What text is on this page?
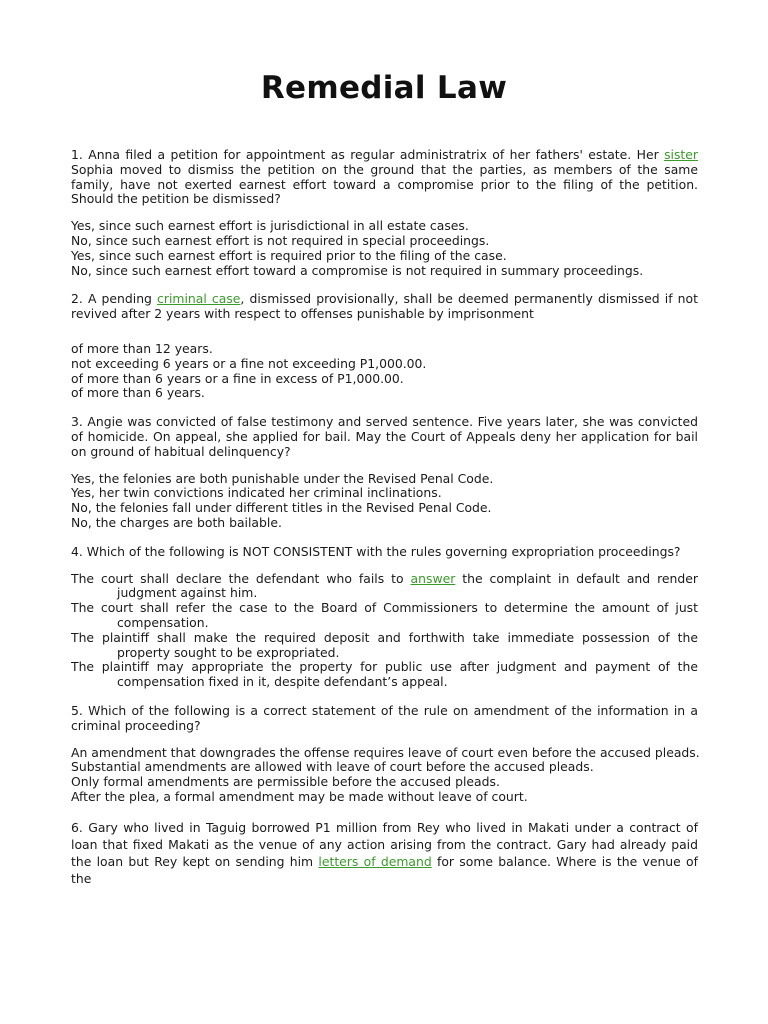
Remedial Law

1. Anna filed a petition for appointment as regular administratrix of her fathers' estate. Her sister Sophia moved to dismiss the petition on the ground that the parties, as members of the same family, have not exerted earnest effort toward a compromise prior to the filing of the petition. Should the petition be dismissed?

Yes, since such earnest effort is jurisdictional in all estate cases.

No, since such earnest effort is not required in special proceedings.

Yes, since such earnest effort is required prior to the filing of the case.

No, since such earnest effort toward a compromise is not required in summary proceedings.

2. A pending criminal case, dismissed provisionally, shall be deemed permanently dismissed if not revived after 2 years with respect to offenses punishable by imprisonment

of more than 12 years.

not exceeding 6 years or a fine not exceeding P1,000.00.

of more than 6 years or a fine in excess of P1,000.00.

of more than 6 years.

3. Angie was convicted of false testimony and served sentence. Five years later, she was convicted of homicide. On appeal, she applied for bail. May the Court of Appeals deny her application for bail on ground of habitual delinquency?

Yes, the felonies are both punishable under the Revised Penal Code.

Yes, her twin convictions indicated her criminal inclinations.

No, the felonies fall under different titles in the Revised Penal Code.

No, the charges are both bailable.

4. Which of the following is NOT CONSISTENT with the rules governing expropriation proceedings?

The court shall declare the defendant who fails to answer the complaint in default and render judgment against him.

The court shall refer the case to the Board of Commissioners to determine the amount of just compensation.

The plaintiff shall make the required deposit and forthwith take immediate possession of the property sought to be expropriated.

The plaintiff may appropriate the property for public use after judgment and payment of the compensation fixed in it, despite defendant’s appeal.

5. Which of the following is a correct statement of the rule on amendment of the information in a criminal proceeding?

An amendment that downgrades the offense requires leave of court even before the accused pleads.

Substantial amendments are allowed with leave of court before the accused pleads.

Only formal amendments are permissible before the accused pleads.

After the plea, a formal amendment may be made without leave of court.

6. Gary who lived in Taguig borrowed P1 million from Rey who lived in Makati under a contract of loan that fixed Makati as the venue of any action arising from the contract. Gary had already paid the loan but Rey kept on sending him letters of demand for some balance. Where is the venue of the
